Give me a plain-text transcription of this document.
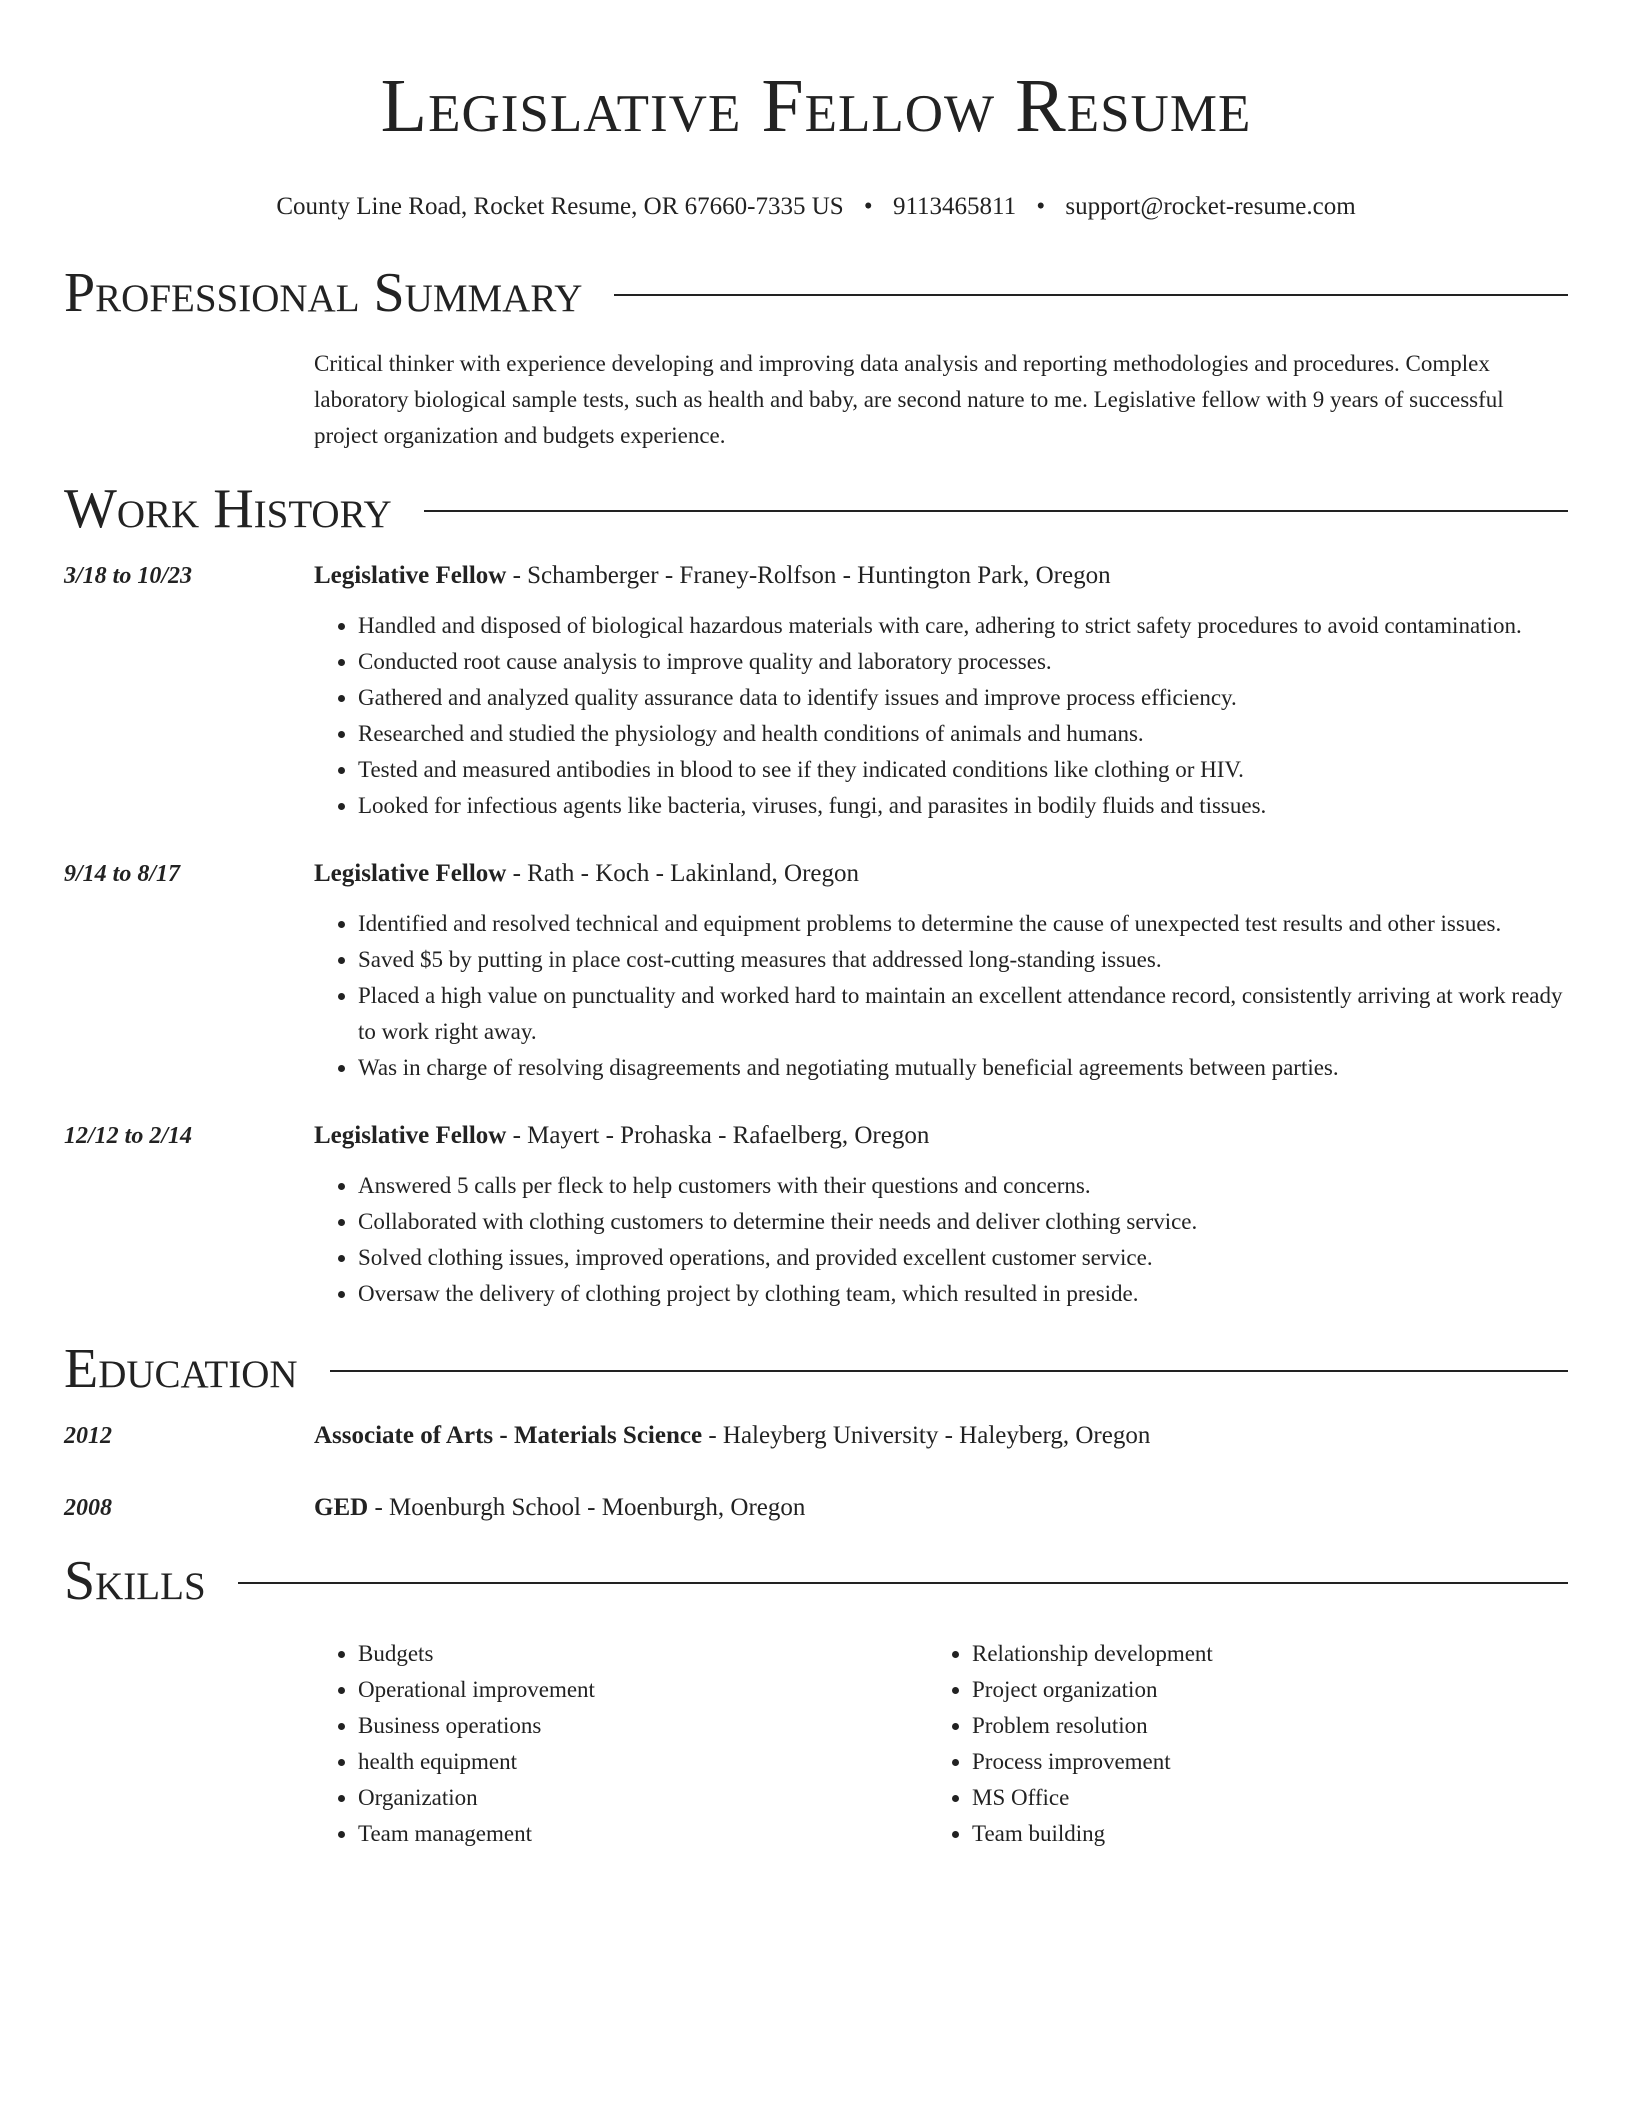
Legislative Fellow Resume
County Line Road, Rocket Resume, OR 67660-7335 US • 9113465811 • support@rocket-resume.com
Professional Summary
Critical thinker with experience developing and improving data analysis and reporting methodologies and procedures. Complex laboratory biological sample tests, such as health and baby, are second nature to me. Legislative fellow with 9 years of successful project organization and budgets experience.
Work History
3/18 to 10/23	Legislative Fellow - Schamberger - Franey-Rolfson - Huntington Park, Oregon
• Handled and disposed of biological hazardous materials with care, adhering to strict safety procedures to avoid contamination.
• Conducted root cause analysis to improve quality and laboratory processes.
• Gathered and analyzed quality assurance data to identify issues and improve process efficiency.
• Researched and studied the physiology and health conditions of animals and humans.
• Tested and measured antibodies in blood to see if they indicated conditions like clothing or HIV.
• Looked for infectious agents like bacteria, viruses, fungi, and parasites in bodily fluids and tissues.
9/14 to 8/17	Legislative Fellow - Rath - Koch - Lakinland, Oregon
• Identified and resolved technical and equipment problems to determine the cause of unexpected test results and other issues.
• Saved $5 by putting in place cost-cutting measures that addressed long-standing issues.
• Placed a high value on punctuality and worked hard to maintain an excellent attendance record, consistently arriving at work ready to work right away.
• Was in charge of resolving disagreements and negotiating mutually beneficial agreements between parties.
12/12 to 2/14	Legislative Fellow - Mayert - Prohaska - Rafaelberg, Oregon
• Answered 5 calls per fleck to help customers with their questions and concerns.
• Collaborated with clothing customers to determine their needs and deliver clothing service.
• Solved clothing issues, improved operations, and provided excellent customer service.
• Oversaw the delivery of clothing project by clothing team, which resulted in preside.
Education
2012	Associate of Arts - Materials Science - Haleyberg University - Haleyberg, Oregon
2008	GED - Moenburgh School - Moenburgh, Oregon
Skills
• Budgets
• Operational improvement
• Business operations
• health equipment
• Organization
• Team management
• Relationship development
• Project organization
• Problem resolution
• Process improvement
• MS Office
• Team building
